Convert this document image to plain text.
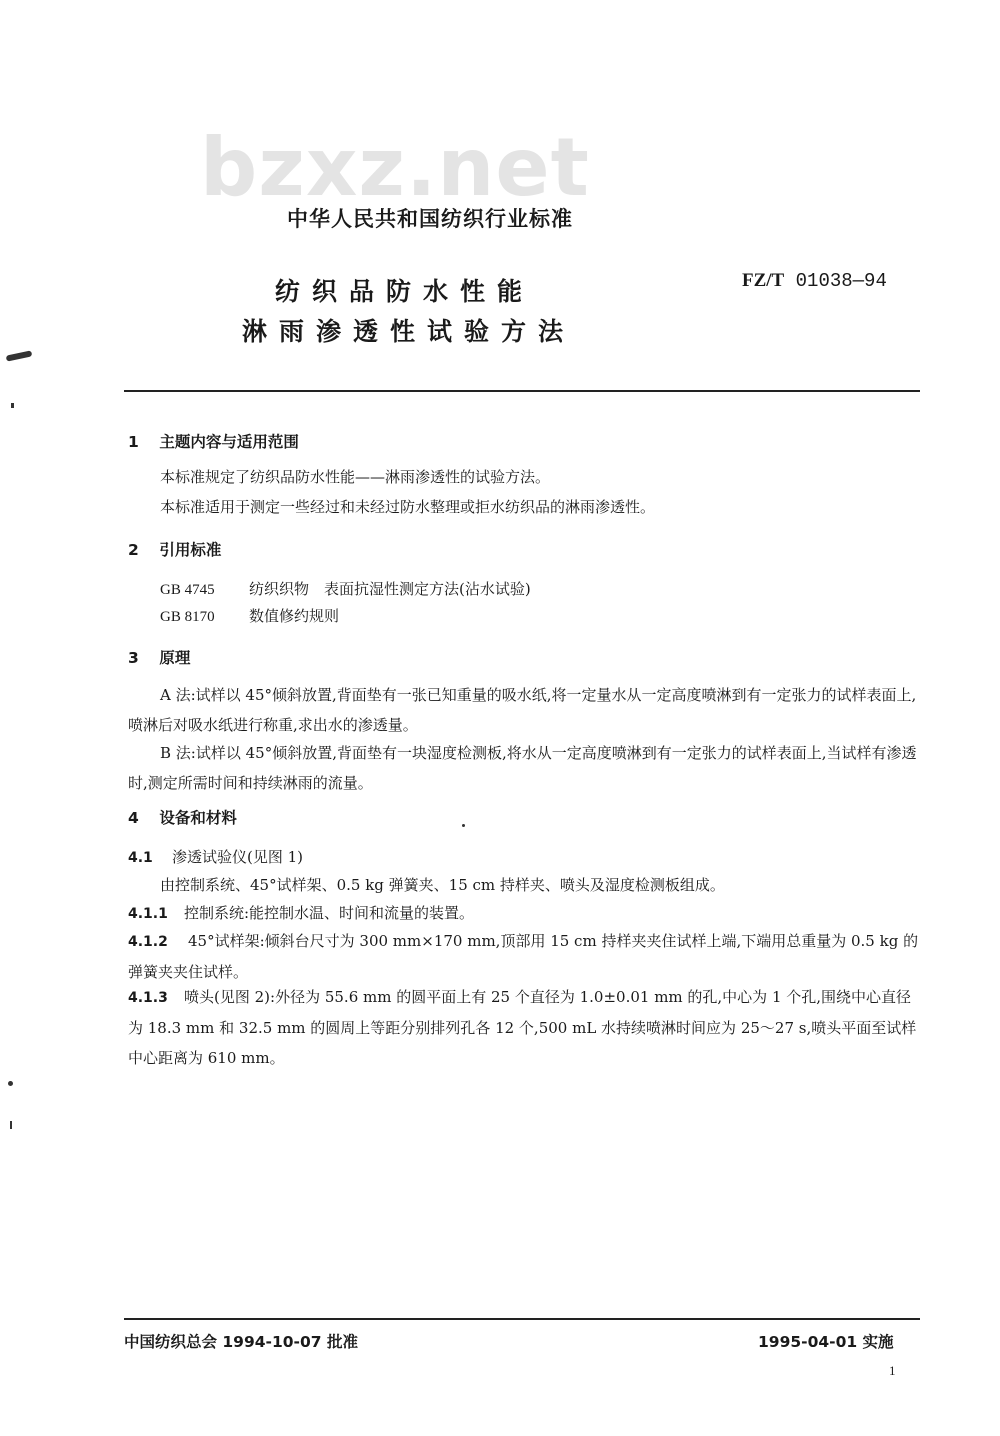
bzxz.net
中华人民共和国纺织行业标准
纺织品防水性能
淋雨渗透性试验方法
FZ/T 01038—94
1 主题内容与适用范围
本标准规定了纺织品防水性能——淋雨渗透性的试验方法。
本标准适用于测定一些经过和未经过防水整理或拒水纺织品的淋雨渗透性。
2 引用标准
GB 4745 纺织织物　表面抗湿性测定方法(沾水试验)
GB 8170 数值修约规则
3 原理

A 法:试样以 45°倾斜放置,背面垫有一张已知重量的吸水纸,将一定量水从一定高度喷淋到有一定张力的试样表面上,喷淋后对吸水纸进行称重,求出水的渗透量。

B 法:试样以 45°倾斜放置,背面垫有一块湿度检测板,将水从一定高度喷淋到有一定张力的试样表面上,当试样有渗透时,测定所需时间和持续淋雨的流量。

4 设备和材料
4.1 渗透试验仪(见图 1)
由控制系统、45°试样架、0.5 kg 弹簧夹、15 cm 持样夹、喷头及湿度检测板组成。
4.1.1 控制系统:能控制水温、时间和流量的装置。
4.1.2 45°试样架:倾斜台尺寸为 300 mm×170 mm,顶部用 15 cm 持样夹夹住试样上端,下端用总重量为 0.5 kg 的弹簧夹夹住试样。
4.1.3 喷头(见图 2):外径为 55.6 mm 的圆平面上有 25 个直径为 1.0±0.01 mm 的孔,中心为 1 个孔,围绕中心直径为 18.3 mm 和 32.5 mm 的圆周上等距分别排列孔各 12 个,500 mL 水持续喷淋时间应为 25～27 s,喷头平面至试样中心距离为 610 mm。
中国纺织总会 1994-10-07 批准	1995-04-01 实施
1
